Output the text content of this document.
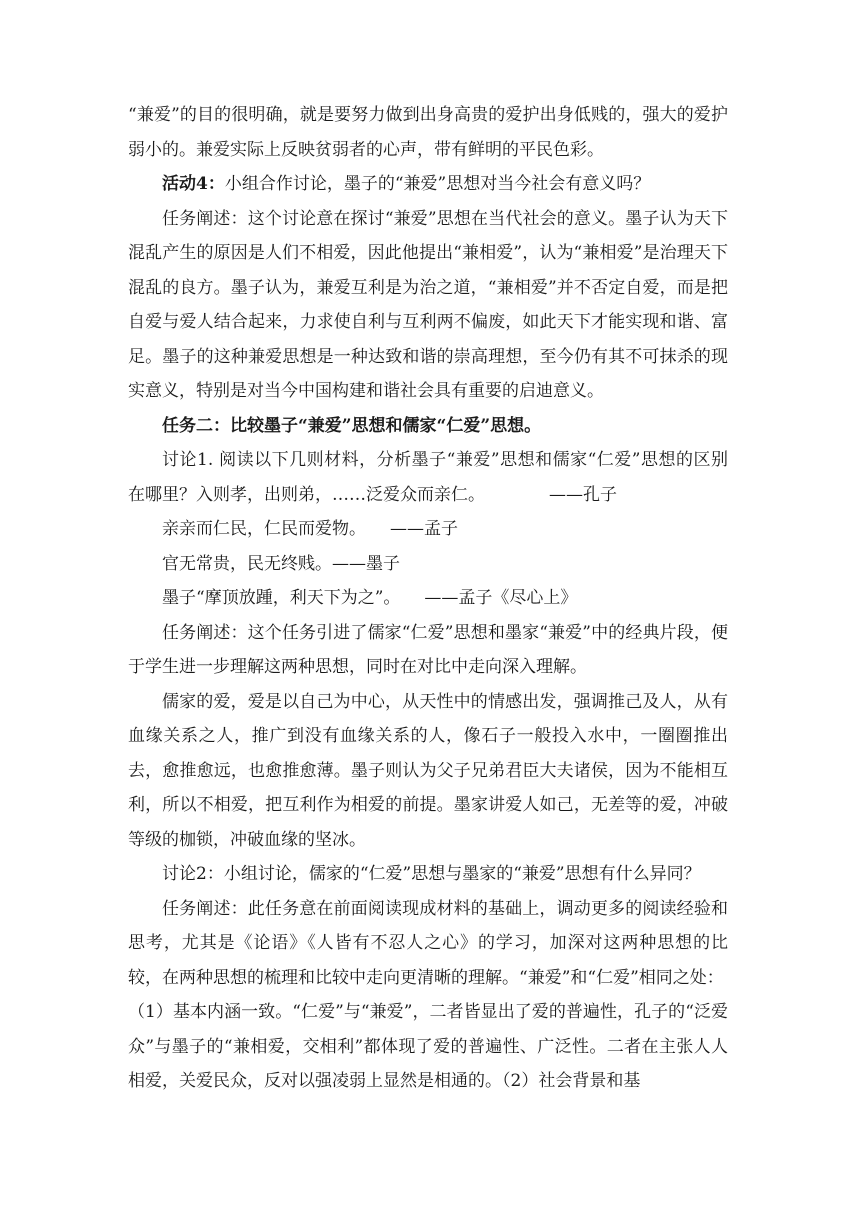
“兼爱”的目的很明确，就是要努力做到出身高贵的爱护出身低贱的，强大的爱护弱小的。兼爱实际上反映贫弱者的心声，带有鲜明的平民色彩。

活动4：小组合作讨论，墨子的“兼爱”思想对当今社会有意义吗？

任务阐述：这个讨论意在探讨“兼爱”思想在当代社会的意义。墨子认为天下混乱产生的原因是人们不相爱，因此他提出“兼相爱”，认为“兼相爱”是治理天下混乱的良方。墨子认为，兼爱互利是为治之道，“兼相爱”并不否定自爱，而是把自爱与爱人结合起来，力求使自利与互利两不偏废，如此天下才能实现和谐、富足。墨子的这种兼爱思想是一种达致和谐的崇高理想，至今仍有其不可抹杀的现实意义，特别是对当今中国构建和谐社会具有重要的启迪意义。

任务二：比较墨子“兼爱”思想和儒家“仁爱”思想。

讨论1. 阅读以下几则材料，分析墨子“兼爱”思想和儒家“仁爱”思想的区别在哪里？入则孝，出则弟，……泛爱众而亲仁。	——孔子

亲亲而仁民，仁民而爱物。 ——孟子

官无常贵，民无终贱。——墨子

墨子“摩顶放踵，利天下为之”。 ——孟子《尽心上》

任务阐述：这个任务引进了儒家“仁爱”思想和墨家“兼爱”中的经典片段，便于学生进一步理解这两种思想，同时在对比中走向深入理解。

儒家的爱，爱是以自己为中心，从天性中的情感出发，强调推己及人，从有血缘关系之人，推广到没有血缘关系的人，像石子一般投入水中，一圈圈推出去，愈推愈远，也愈推愈薄。墨子则认为父子兄弟君臣大夫诸侯，因为不能相互利，所以不相爱，把互利作为相爱的前提。墨家讲爱人如己，无差等的爱，冲破等级的枷锁，冲破血缘的坚冰。

讨论2：小组讨论，儒家的“仁爱”思想与墨家的“兼爱”思想有什么异同？

任务阐述：此任务意在前面阅读现成材料的基础上，调动更多的阅读经验和思考，尤其是《论语》《人皆有不忍人之心》的学习，加深对这两种思想的比较，在两种思想的梳理和比较中走向更清晰的理解。“兼爱”和“仁爱”相同之处：

（1）基本内涵一致。“仁爱”与“兼爱”，二者皆显出了爱的普遍性，孔子的“泛爱众”与墨子的“兼相爱，交相利”都体现了爱的普遍性、广泛性。二者在主张人人相爱，关爱民众，反对以强凌弱上显然是相通的。（2）社会背景和基
